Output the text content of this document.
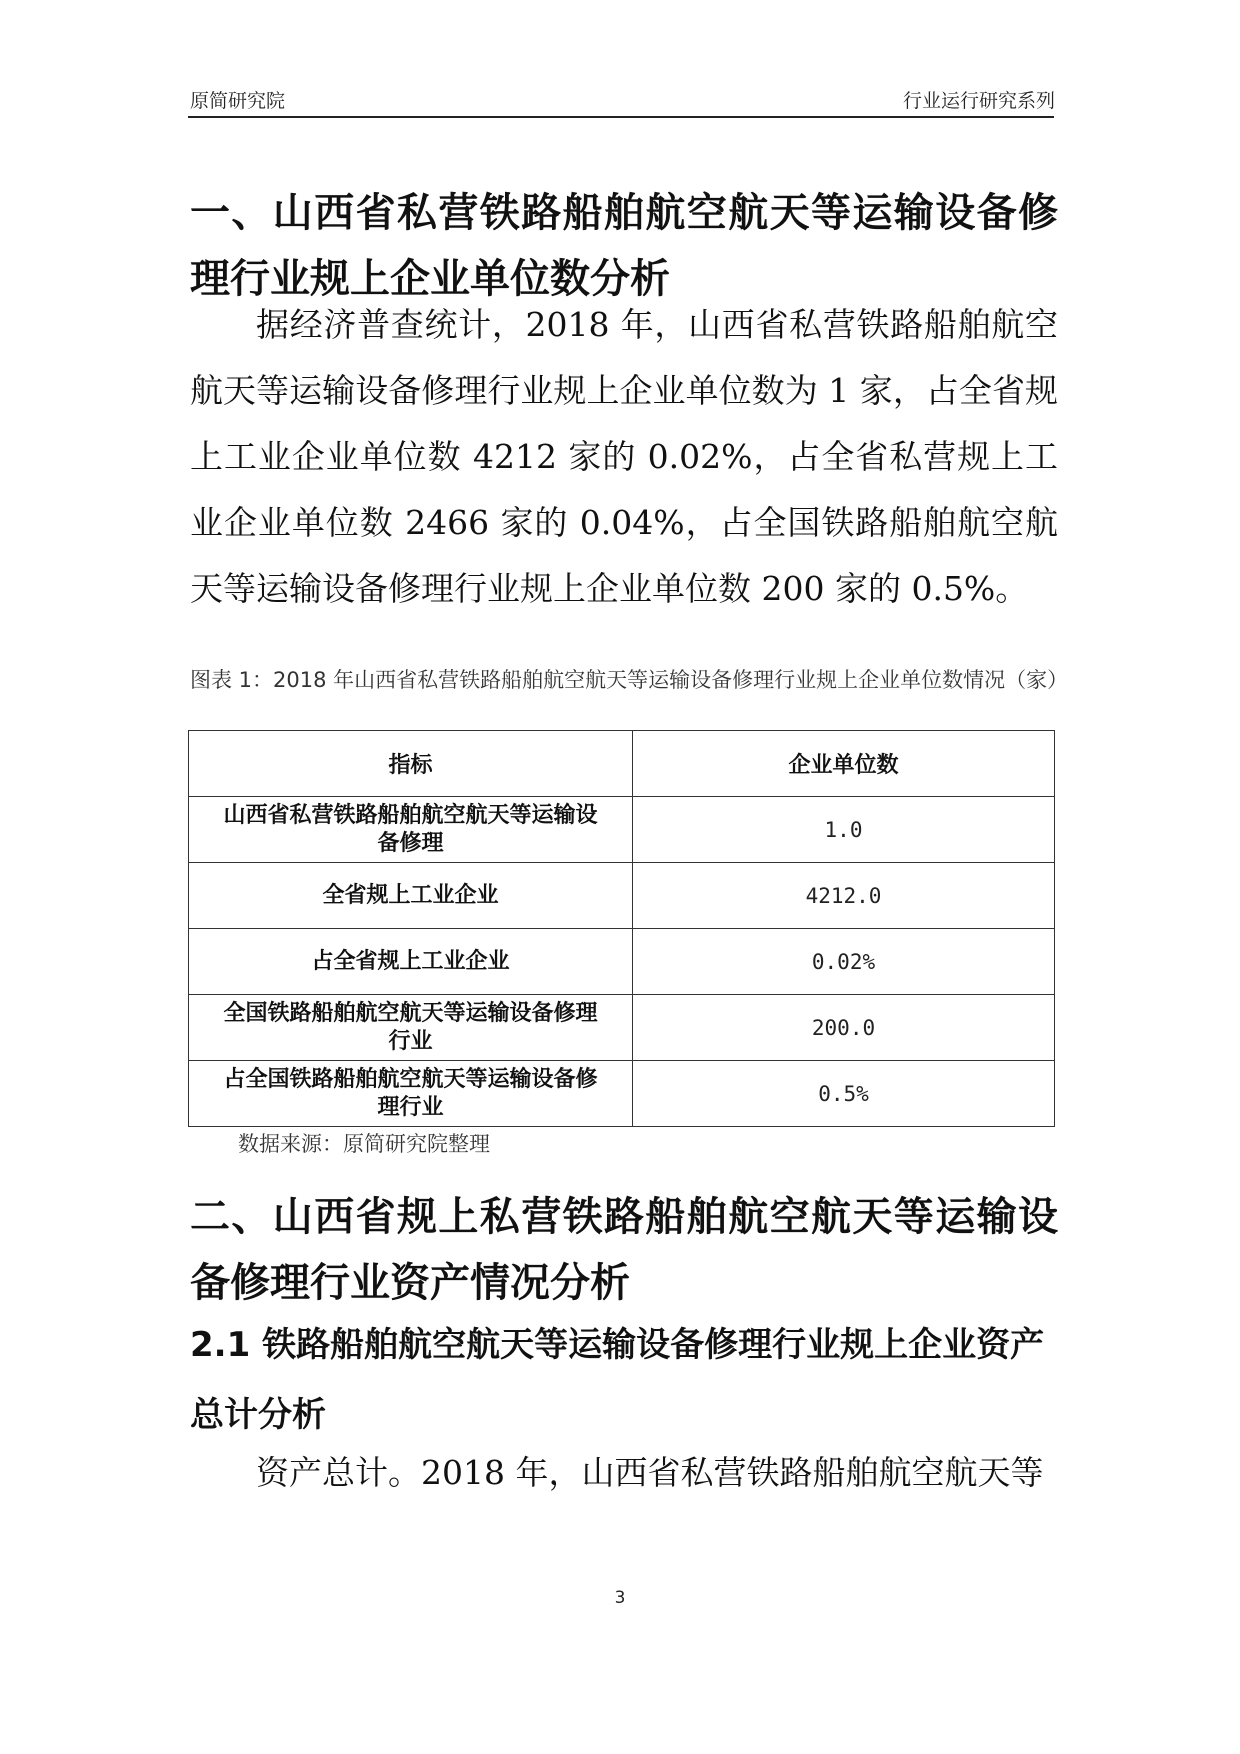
原简研究院	行业运行研究系列
一、山西省私营铁路船舶航空航天等运输设备修理行业规上企业单位数分析

据经济普查统计，2018 年，山西省私营铁路船舶航空航天等运输设备修理行业规上企业单位数为 1 家，占全省规上工业企业单位数 4212 家的 0.02%，占全省私营规上工业企业单位数 2466 家的 0.04%，占全国铁路船舶航空航天等运输设备修理行业规上企业单位数 200 家的 0.5%。

图表 1：2018 年山西省私营铁路船舶航空航天等运输设备修理行业规上企业单位数情况（家）

指标	企业单位数
山西省私营铁路船舶航空航天等运输设备修理	1.0
全省规上工业企业	4212.0
占全省规上工业企业	0.02%
全国铁路船舶航空航天等运输设备修理行业	200.0
占全国铁路船舶航空航天等运输设备修理行业	0.5%
数据来源：原简研究院整理
二、山西省规上私营铁路船舶航空航天等运输设备修理行业资产情况分析
2.1 铁路船舶航空航天等运输设备修理行业规上企业资产总计分析

资产总计。2018 年，山西省私营铁路船舶航空航天等

3
